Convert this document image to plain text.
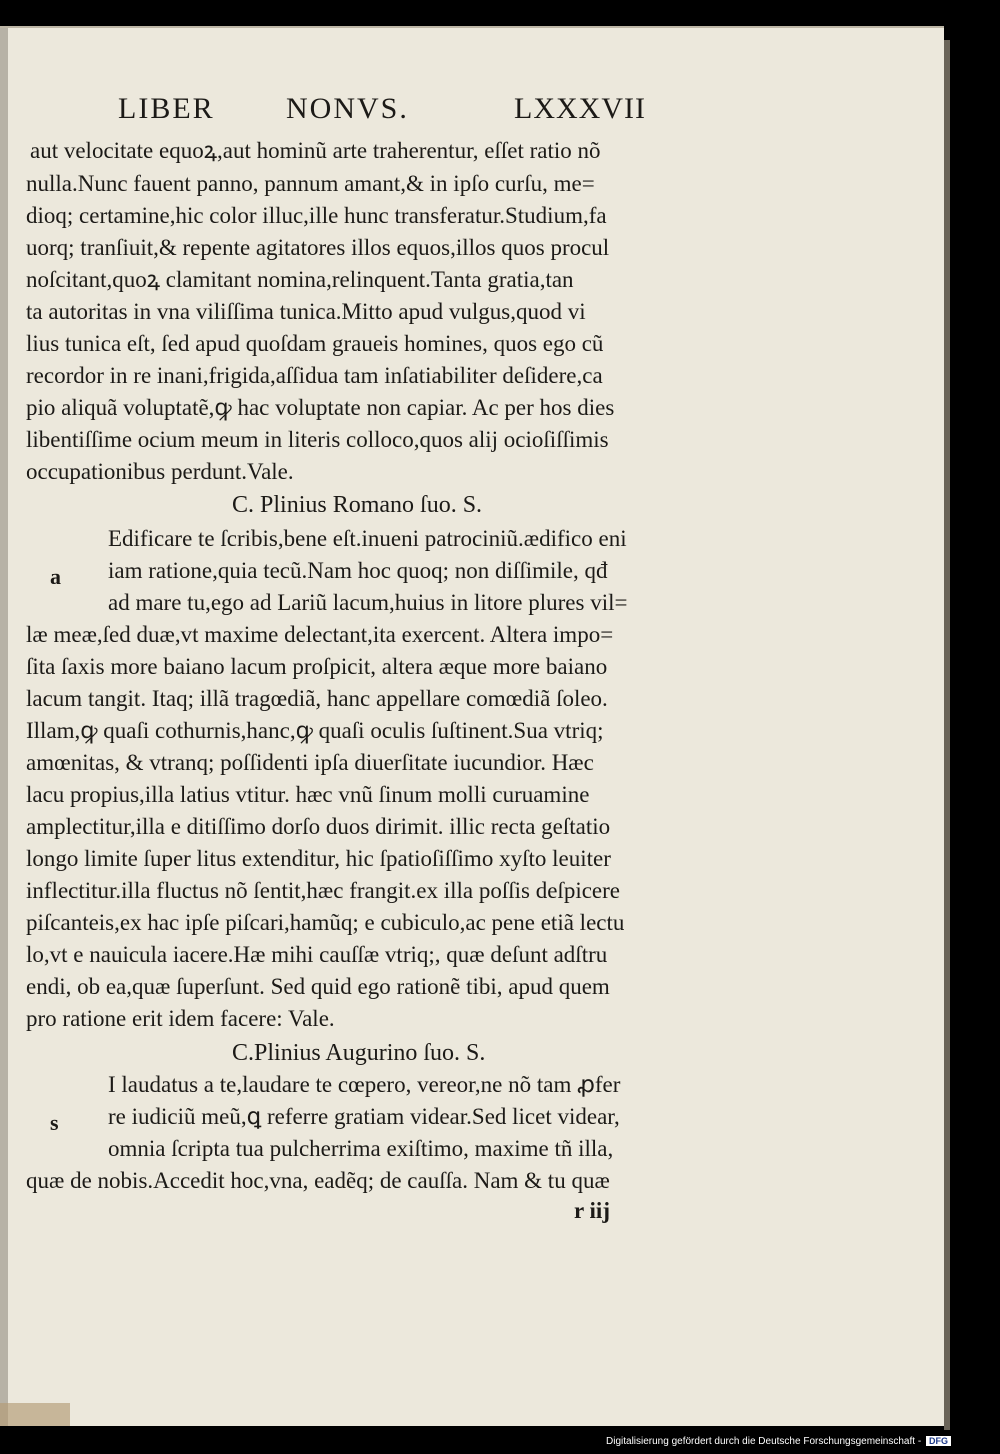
LIBER NONVS.	LXXXVII
aut velocitate equoꝝ,aut hominũ arte traherentur, eſſet ratio nõ
nulla.Nunc fauent panno, pannum amant,& in ipſo curſu, me=
dioq; certamine,hic color illuc,ille hunc transferatur.Studium,fa
uorq; tranſiuit,& repente agitatores illos equos,illos quos procul
noſcitant,quoꝝ clamitant nomina,relinquent.Tanta gratia,tan
ta autoritas in vna viliſſima tunica.Mitto apud vulgus,quod vi
lius tunica eſt, ſed apud quoſdam graueis homines, quos ego cũ
recordor in re inani,frigida,aſſidua tam inſatiabiliter deſidere,ca
pio aliquã voluptatẽ,ꝙ hac voluptate non capiar. Ac per hos dies
libentiſſime ocium meum in literis colloco,quos alij ocioſiſſimis
occupationibus perdunt.Vale.
C. Plinius Romano ſuo. S.
a
Edificare te ſcribis,bene eſt.inueni patrociniũ.ædifico eni
iam ratione,quia tecũ.Nam hoc quoq; non diſſimile, qđ
ad mare tu,ego ad Lariũ lacum,huius in litore plures vil=
læ meæ,ſed duæ,vt maxime delectant,ita exercent. Altera impo=
ſita ſaxis more baiano lacum proſpicit, altera æque more baiano
lacum tangit. Itaq; illã tragœdiã, hanc appellare comœdiã ſoleo.
Illam,ꝙ quaſi cothurnis,hanc,ꝙ quaſi oculis ſuſtinent.Sua vtriq;
amœnitas, & vtranq; poſſidenti ipſa diuerſitate iucundior. Hæc
lacu propius,illa latius vtitur. hæc vnũ ſinum molli curuamine
amplectitur,illa e ditiſſimo dorſo duos dirimit. illic recta geſtatio
longo limite ſuper litus extenditur, hic ſpatioſiſſimo xyſto leuiter
inflectitur.illa fluctus nõ ſentit,hæc frangit.ex illa poſſis deſpicere
piſcanteis,ex hac ipſe piſcari,hamũq; e cubiculo,ac pene etiã lectu
lo,vt e nauicula iacere.Hæ mihi cauſſæ vtriq;, quæ deſunt adſtru
endi, ob ea,quæ ſuperſunt. Sed quid ego rationẽ tibi, apud quem
pro ratione erit idem facere: Vale.
C.Plinius Augurino ſuo. S.
s
I laudatus a te,laudare te cœpero, vereor,ne nõ tam ꝓfer
re iudiciũ meũ,ꝗ referre gratiam videar.Sed licet videar,
omnia ſcripta tua pulcherrima exiſtimo, maxime tñ illa,
quæ de nobis.Accedit hoc,vna, eadẽq; de cauſſa. Nam & tu quæ
r iij
Digitalisierung gefördert durch die Deutsche Forschungsgemeinschaft - DFG
